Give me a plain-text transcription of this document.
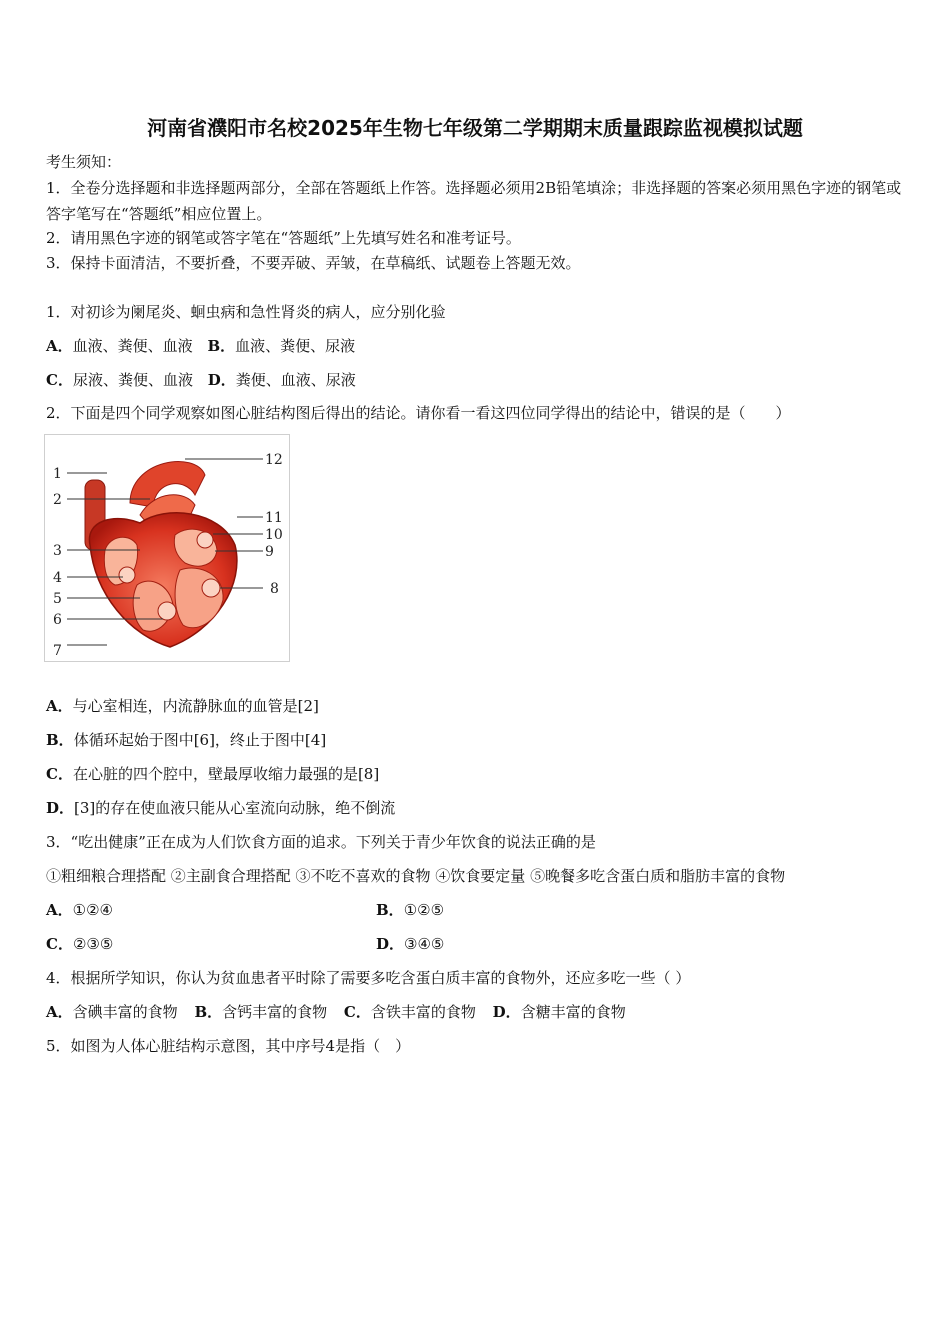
河南省濮阳市名校2025年生物七年级第二学期期末质量跟踪监视模拟试题
考生须知：
1．全卷分选择题和非选择题两部分，全部在答题纸上作答。选择题必须用2B铅笔填涂；非选择题的答案必须用黑色字迹的钢笔或答字笔写在“答题纸”相应位置上。
2．请用黑色字迹的钢笔或答字笔在“答题纸”上先填写姓名和准考证号。
3．保持卡面清洁，不要折叠，不要弄破、弄皱，在草稿纸、试题卷上答题无效。
1．对初诊为阑尾炎、蛔虫病和急性肾炎的病人，应分别化验
A．血液、粪便、血液 B．血液、粪便、尿液
C．尿液、粪便、血液 D．粪便、血液、尿液
2．下面是四个同学观察如图心脏结构图后得出的结论。请你看一看这四位同学得出的结论中，错误的是（　　）
1
2
3
4
5
6
7
8
9
10
11
12
A．与心室相连，内流静脉血的血管是[2]
B．体循环起始于图中[6]，终止于图中[4]
C．在心脏的四个腔中，壁最厚收缩力最强的是[8]
D．[3]的存在使血液只能从心室流向动脉，绝不倒流
3．“吃出健康”正在成为人们饮食方面的追求。下列关于青少年饮食的说法正确的是
①粗细粮合理搭配 ②主副食合理搭配 ③不吃不喜欢的食物 ④饮食要定量 ⑤晚餐多吃含蛋白质和脂肪丰富的食物
A．①②④	B．①②⑤
C．②③⑤	D．③④⑤
4．根据所学知识，你认为贫血患者平时除了需要多吃含蛋白质丰富的食物外，还应多吃一些（ ）
A．含碘丰富的食物 B．含钙丰富的食物 C．含铁丰富的食物 D．含糖丰富的食物
5．如图为人体心脏结构示意图，其中序号4是指（　）
